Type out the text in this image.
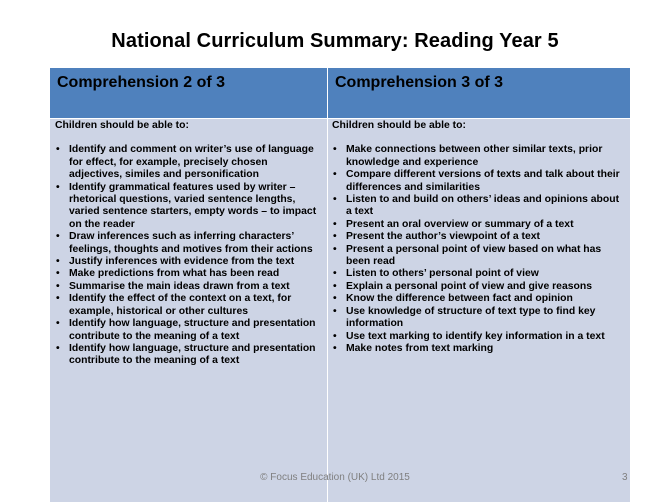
National Curriculum Summary: Reading Year 5
Comprehension 2 of 3	Comprehension 3 of 3

Children should be able to:

• Identify and comment on writer’s use of language for effect, for example, precisely chosen adjectives, similes and personification
• Identify grammatical features used by writer – rhetorical questions, varied sentence lengths, varied sentence starters, empty words – to impact on the reader
• Draw inferences such as inferring characters’ feelings, thoughts and motives from their actions
• Justify inferences with evidence from the text
• Make predictions from what has been read
• Summarise the main ideas drawn from a text
• Identify the effect of the context on a text, for example, historical or other cultures
• Identify how language, structure and presentation contribute to the meaning of a text
• Identify how language, structure and presentation contribute to the meaning of a text

Children should be able to:

• Make connections between other similar texts, prior knowledge and experience
• Compare different versions of texts and talk about their differences and similarities
• Listen to and build on others’ ideas and opinions about a text
• Present an oral overview or summary of a text
• Present the author’s viewpoint of a text
• Present a personal point of view based on what has been read
• Listen to others’ personal point of view
• Explain a personal point of view and give reasons
• Know the difference between fact and opinion
• Use knowledge of structure of text type to find key information
• Use text marking to identify key information in a text
• Make notes from text marking
© Focus Education (UK) Ltd 2015	3
